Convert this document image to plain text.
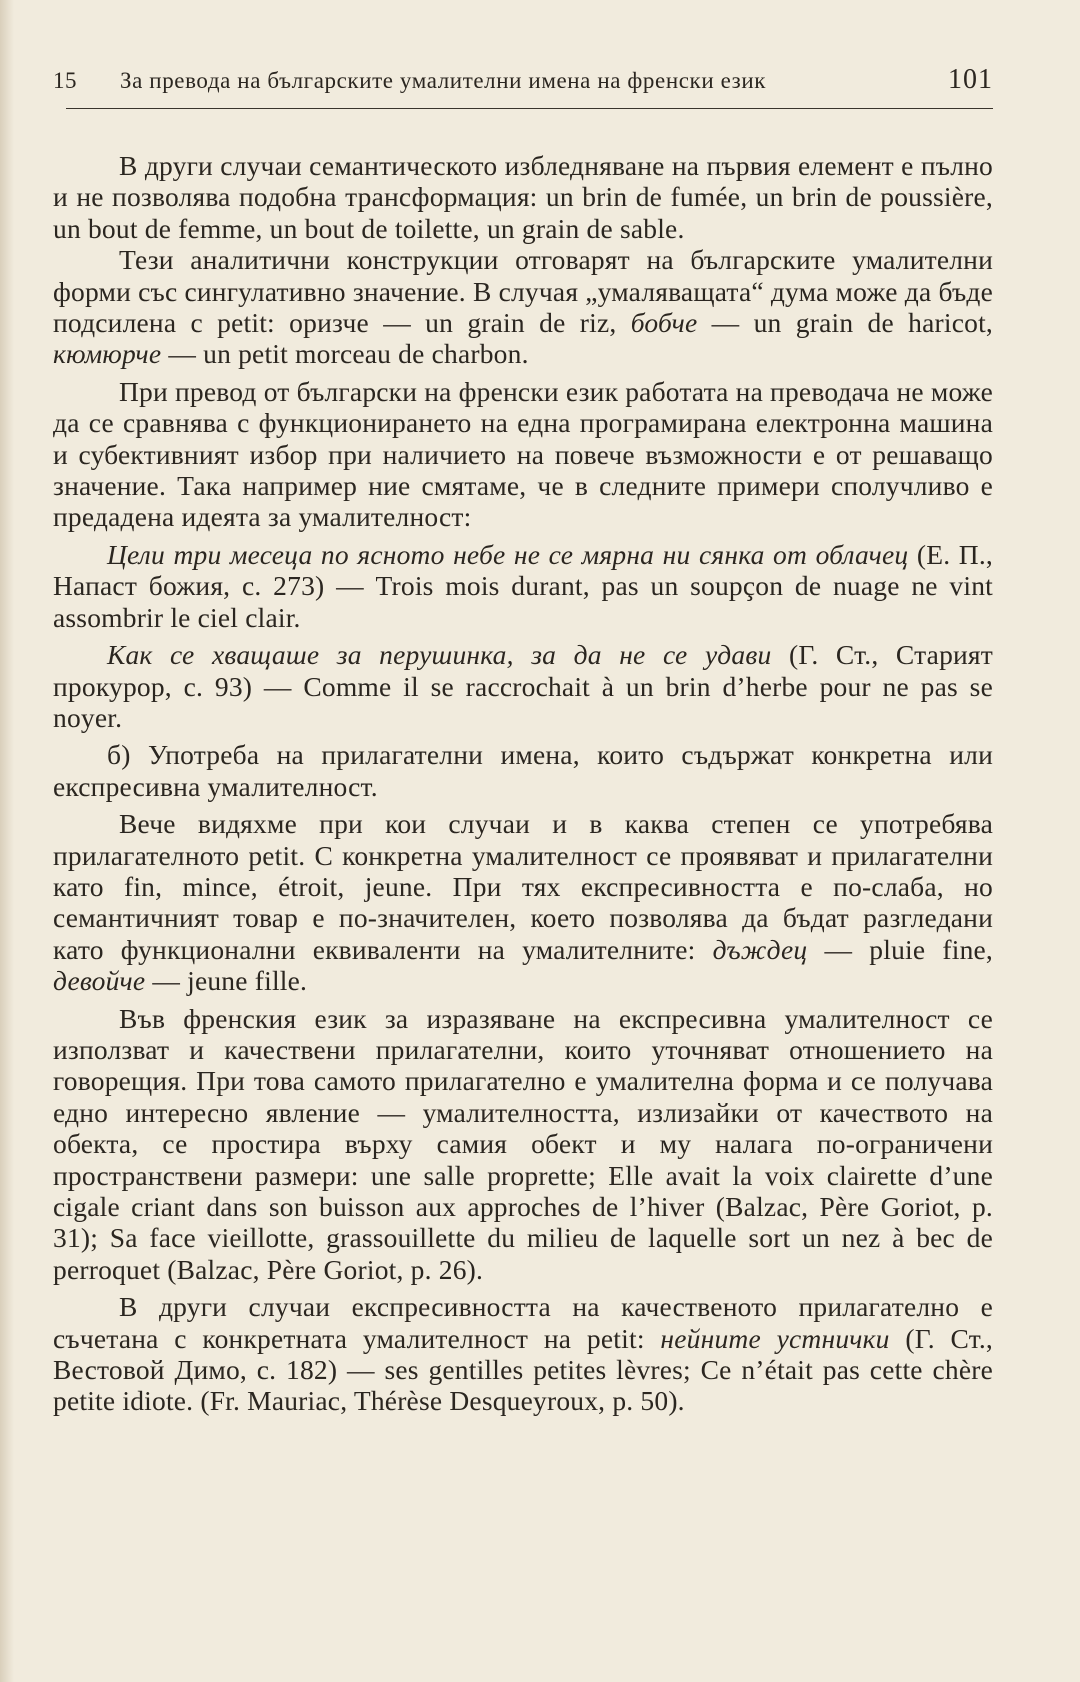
15 За превода на българските умалителни имена на френски език	101

В други случаи семантическото избледняване на първия елемент е пълно и не позволява подобна трансформация: un brin de fumée, un brin de poussière, un bout de femme, un bout de toilette, un grain de sable.

Тези аналитични конструкции отговарят на българските умалителни форми със сингулативно значение. В случая „умаляващата“ дума може да бъде подсилена с petit: оризче — un grain de riz, бобче — un grain de haricot, кюмюрче — un petit morceau de charbon.

При превод от български на френски език работата на преводача не може да се сравнява с функционирането на една програмирана електронна машина и субективният избор при наличието на повече възможности е от решаващо значение. Така например ние смятаме, че в следните примери сполучливо е предадена идеята за умалителност:

Цели три месеца по ясното небе не се мярна ни сянка от облачец (Е. П., Напаст божия, с. 273) — Trois mois durant, pas un soupçon de nuage ne vint assombrir le ciel clair.

Как се хващаше за перушинка, за да не се удави (Г. Ст., Старият прокурор, с. 93) — Comme il se raccrochait à un brin d’herbe pour ne pas se noyer.

б) Употреба на прилагателни имена, които съдържат конкретна или експресивна умалителност.

Вече видяхме при кои случаи и в каква степен се употребява прилагателното petit. С конкретна умалителност се проявяват и прилагателни като fin, mince, étroit, jeune. При тях експресивността е по-слаба, но семантичният товар е по-значителен, което позволява да бъдат разгледани като функционални еквиваленти на умалителните: дъждец — pluie fine, девойче — jeune fille.

Във френския език за изразяване на експресивна умалителност се използват и качествени прилагателни, които уточняват отношението на говорещия. При това самото прилагателно е умалителна форма и се получава едно интересно явление — умалителността, излизайки от качеството на обекта, се простира върху самия обект и му налага по-ограничени пространствени размери: une salle proprette; Elle avait la voix clairette d’une cigale criant dans son buisson aux approches de l’hiver (Balzac, Père Goriot, p. 31); Sa face vieillotte, grassouillette du milieu de laquelle sort un nez à bec de perroquet (Balzac, Père Goriot, p. 26).

В други случаи експресивността на качественото прилагателно е съчетана с конкретната умалителност на petit: нейните устнички (Г. Ст., Вестовой Димо, с. 182) — ses gentilles petites lèvres; Ce n’était pas cette chère petite idiote. (Fr. Mauriac, Thérèse Desqueyroux, p. 50).
